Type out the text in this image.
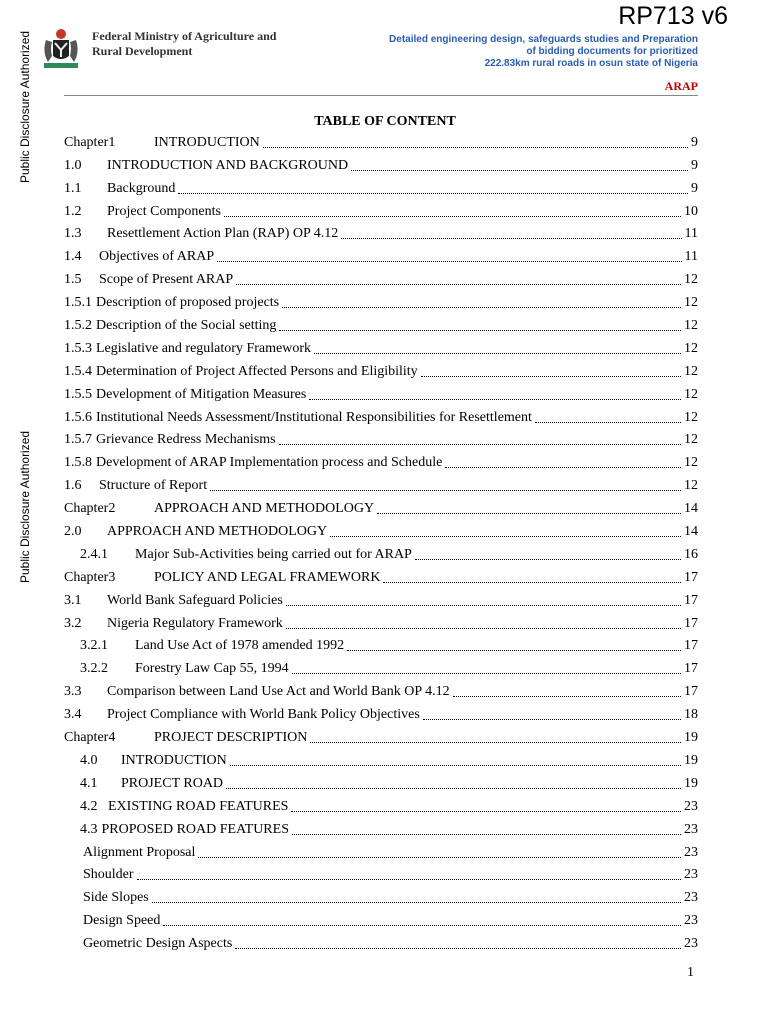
Public Disclosure Authorized
Public Disclosure Authorized
RP713 v6
Federal Ministry of Agriculture and
Rural Development
Detailed engineering design, safeguards studies and Preparation
of bidding documents for prioritized
222.83km rural roads in osun state of Nigeria
ARAP
TABLE OF CONTENT
Chapter1	INTRODUCTION	9
1.0 INTRODUCTION AND BACKGROUND	9
1.1 Background	9
1.2 Project Components	10
1.3 Resettlement Action Plan (RAP) OP 4.12	11
1.4 Objectives of ARAP	11
1.5 Scope of Present ARAP	12
1.5.1 Description of proposed projects	12
1.5.2 Description of the Social setting	12
1.5.3 Legislative and regulatory Framework	12
1.5.4 Determination of Project Affected Persons and Eligibility	12
1.5.5 Development of Mitigation Measures	12
1.5.6 Institutional Needs Assessment/Institutional Responsibilities for Resettlement	12
1.5.7 Grievance Redress Mechanisms	12
1.5.8 Development of ARAP Implementation process and Schedule	12
1.6 Structure of Report	12
Chapter2	APPROACH AND METHODOLOGY	14
2.0 APPROACH AND METHODOLOGY	14
2.4.1 Major Sub-Activities being carried out for ARAP	16
Chapter3	POLICY AND LEGAL FRAMEWORK	17
3.1 World Bank Safeguard Policies	17
3.2 Nigeria Regulatory Framework	17
3.2.1 Land Use Act of 1978 amended 1992	17
3.2.2 Forestry Law Cap 55, 1994	17
3.3 Comparison between Land Use Act and World Bank OP 4.12	17
3.4 Project Compliance with World Bank Policy Objectives	18
Chapter4	PROJECT DESCRIPTION	19
4.0 INTRODUCTION	19
4.1 PROJECT ROAD	19
4.2 EXISTING ROAD FEATURES	23
4.3 PROPOSED ROAD FEATURES	23
Alignment Proposal	23
Shoulder	23
Side Slopes	23
Design Speed	23
Geometric Design Aspects	23
1
